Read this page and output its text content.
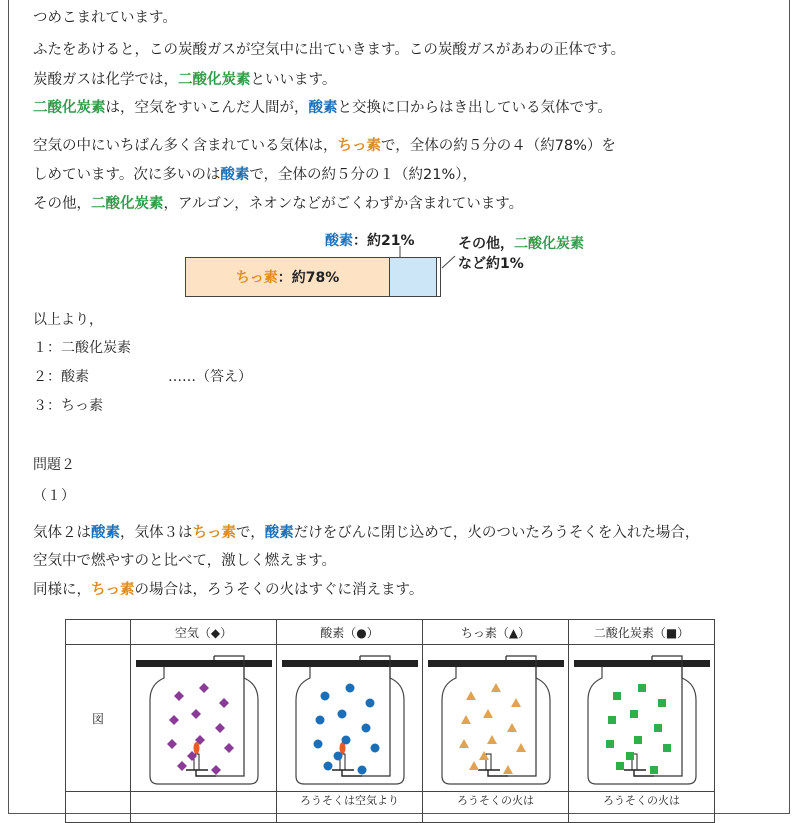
つめこまれています。
ふたをあけると，この炭酸ガスが空気中に出ていきます。この炭酸ガスがあわの正体です。
炭酸ガスは化学では，二酸化炭素といいます。
二酸化炭素は，空気をすいこんだ人間が，酸素と交換に口からはき出している気体です。
空気の中にいちばん多く含まれている気体は，ちっ素で，全体の約５分の４（約78%）を
しめています。次に多いのは酸素で，全体の約５分の１（約21%），
その他，二酸化炭素，アルゴン，ネオンなどがごくわずか含まれています。
酸素：約21%	その他，二酸化炭素
など約1%
ちっ素 ：約78%
以上より，
１：二酸化炭素
２：酸素	……（答え）
３：ちっ素
問題２
（１）
気体２は酸素，気体３はちっ素で，酸素だけをびんに閉じ込めて，火のついたろうそくを入れた場合，
空気中で燃やすのと比べて，激しく燃えます。
同様に，ちっ素の場合は，ろうそくの火はすぐに消えます。
	空気（◆）	酸素（●）	ちっ素（▲）	二酸化炭素（■）
図	

		ろうそくは空気より	ろうそくの火は	ろうそくの火は
